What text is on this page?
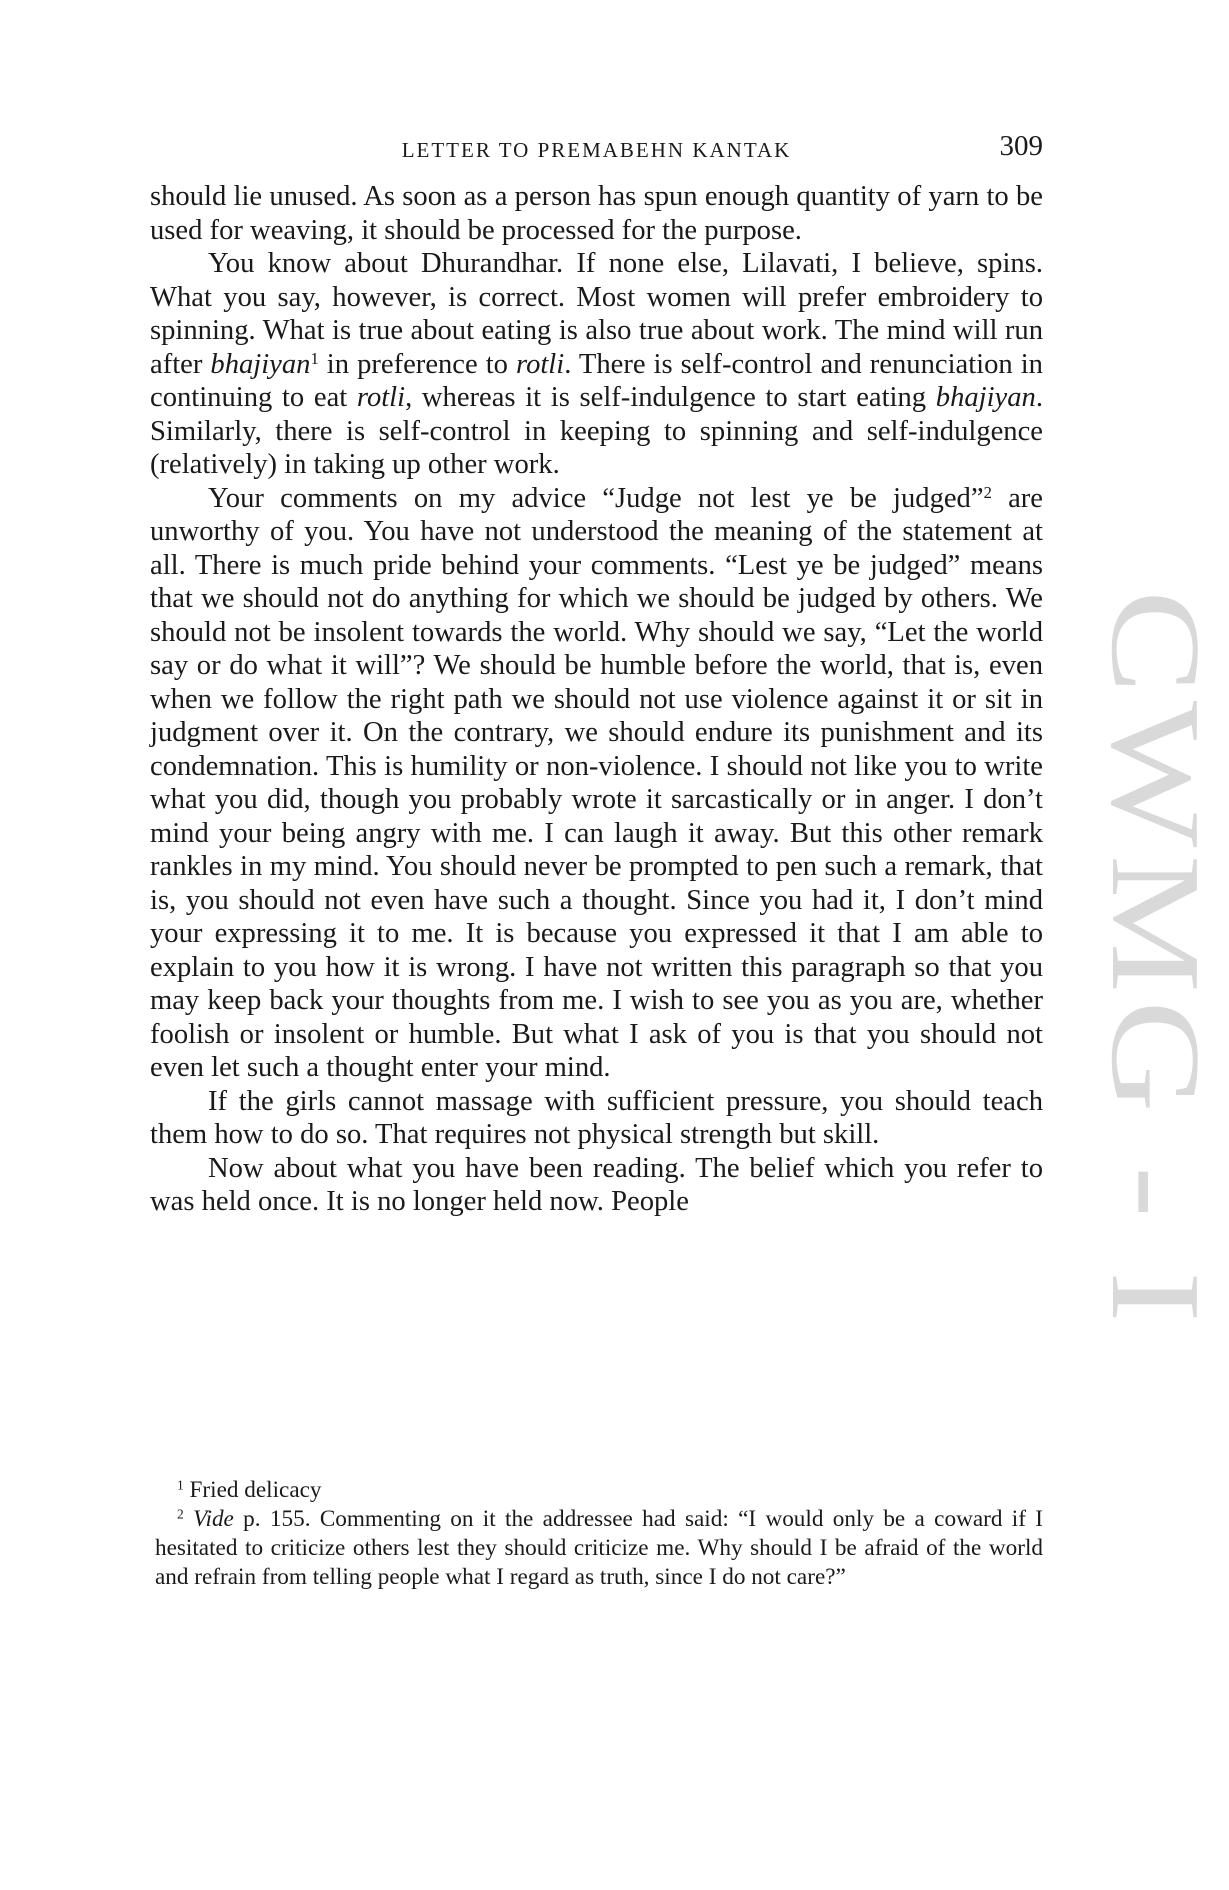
LETTER TO PREMABEHN KANTAK	309

should lie unused. As soon as a person has spun enough quantity of yarn to be used for weaving, it should be processed for the purpose.

You know about Dhurandhar. If none else, Lilavati, I believe, spins. What you say, however, is correct. Most women will prefer embroidery to spinning. What is true about eating is also true about work. The mind will run after bhajiyan$^1$ in preference to rotli. There is self-control and renunciation in continuing to eat rotli, whereas it is self-indulgence to start eating bhajiyan. Similarly, there is self-control in keeping to spinning and self-indulgence (relatively) in taking up other work.

Your comments on my advice “Judge not lest ye be judged”$^2$ are unworthy of you. You have not understood the meaning of the statement at all. There is much pride behind your comments. “Lest ye be judged” means that we should not do anything for which we should be judged by others. We should not be insolent towards the world. Why should we say, “Let the world say or do what it will”? We should be humble before the world, that is, even when we follow the right path we should not use violence against it or sit in judgment over it. On the contrary, we should endure its punishment and its condemnation. This is humility or non-violence. I should not like you to write what you did, though you probably wrote it sarcastically or in anger. I don’t mind your being angry with me. I can laugh it away. But this other remark rankles in my mind. You should never be prompted to pen such a remark, that is, you should not even have such a thought. Since you had it, I don’t mind your expressing it to me. It is because you expressed it that I am able to explain to you how it is wrong. I have not written this paragraph so that you may keep back your thoughts from me. I wish to see you as you are, whether foolish or insolent or humble. But what I ask of you is that you should not even let such a thought enter your mind.

If the girls cannot massage with sufficient pressure, you should teach them how to do so. That requires not physical strength but skill.

Now about what you have been reading. The belief which you refer to was held once. It is no longer held now. People

$^1$ Fried delicacy

$^2$ Vide p. 155. Commenting on it the addressee had said: “I would only be a coward if I hesitated to criticize others lest they should criticize me. Why should I be afraid of the world and refrain from telling people what I regard as truth, since I do not care?”

CWMG - I
